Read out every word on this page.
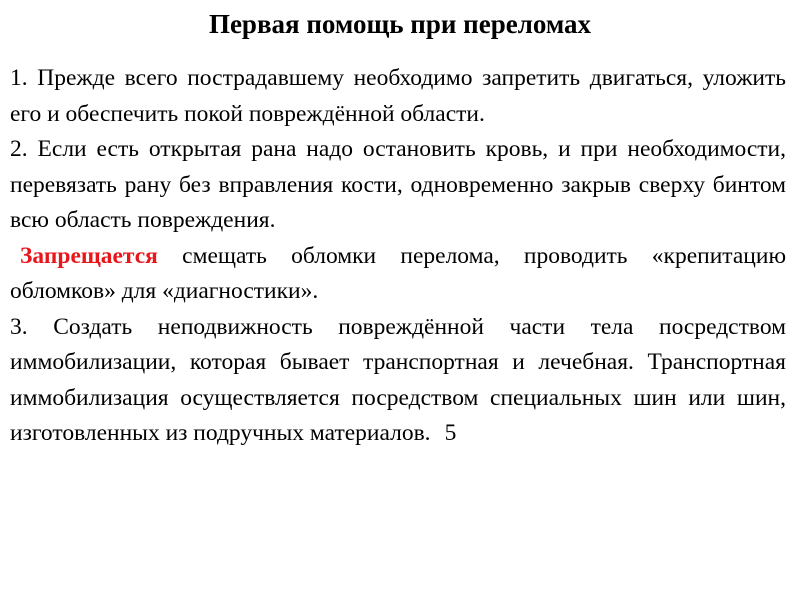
Первая помощь при переломах

1. Прежде всего пострадавшему необходимо запретить двигаться, уложить его и обеспечить покой повреждённой области.

2. Если есть открытая рана надо остановить кровь, и при необходимости, перевязать рану без вправления кости, одновременно закрыв сверху бинтом всю область повреждения.

Запрещается смещать обломки перелома, проводить «крепитацию обломков» для «диагностики».

3. Создать неподвижность повреждённой части тела посредством иммобилизации, которая бывает транспортная и лечебная. Транспортная иммобилизация осуществляется посредством специальных шин или шин, изготовленных из подручных материалов. 5
